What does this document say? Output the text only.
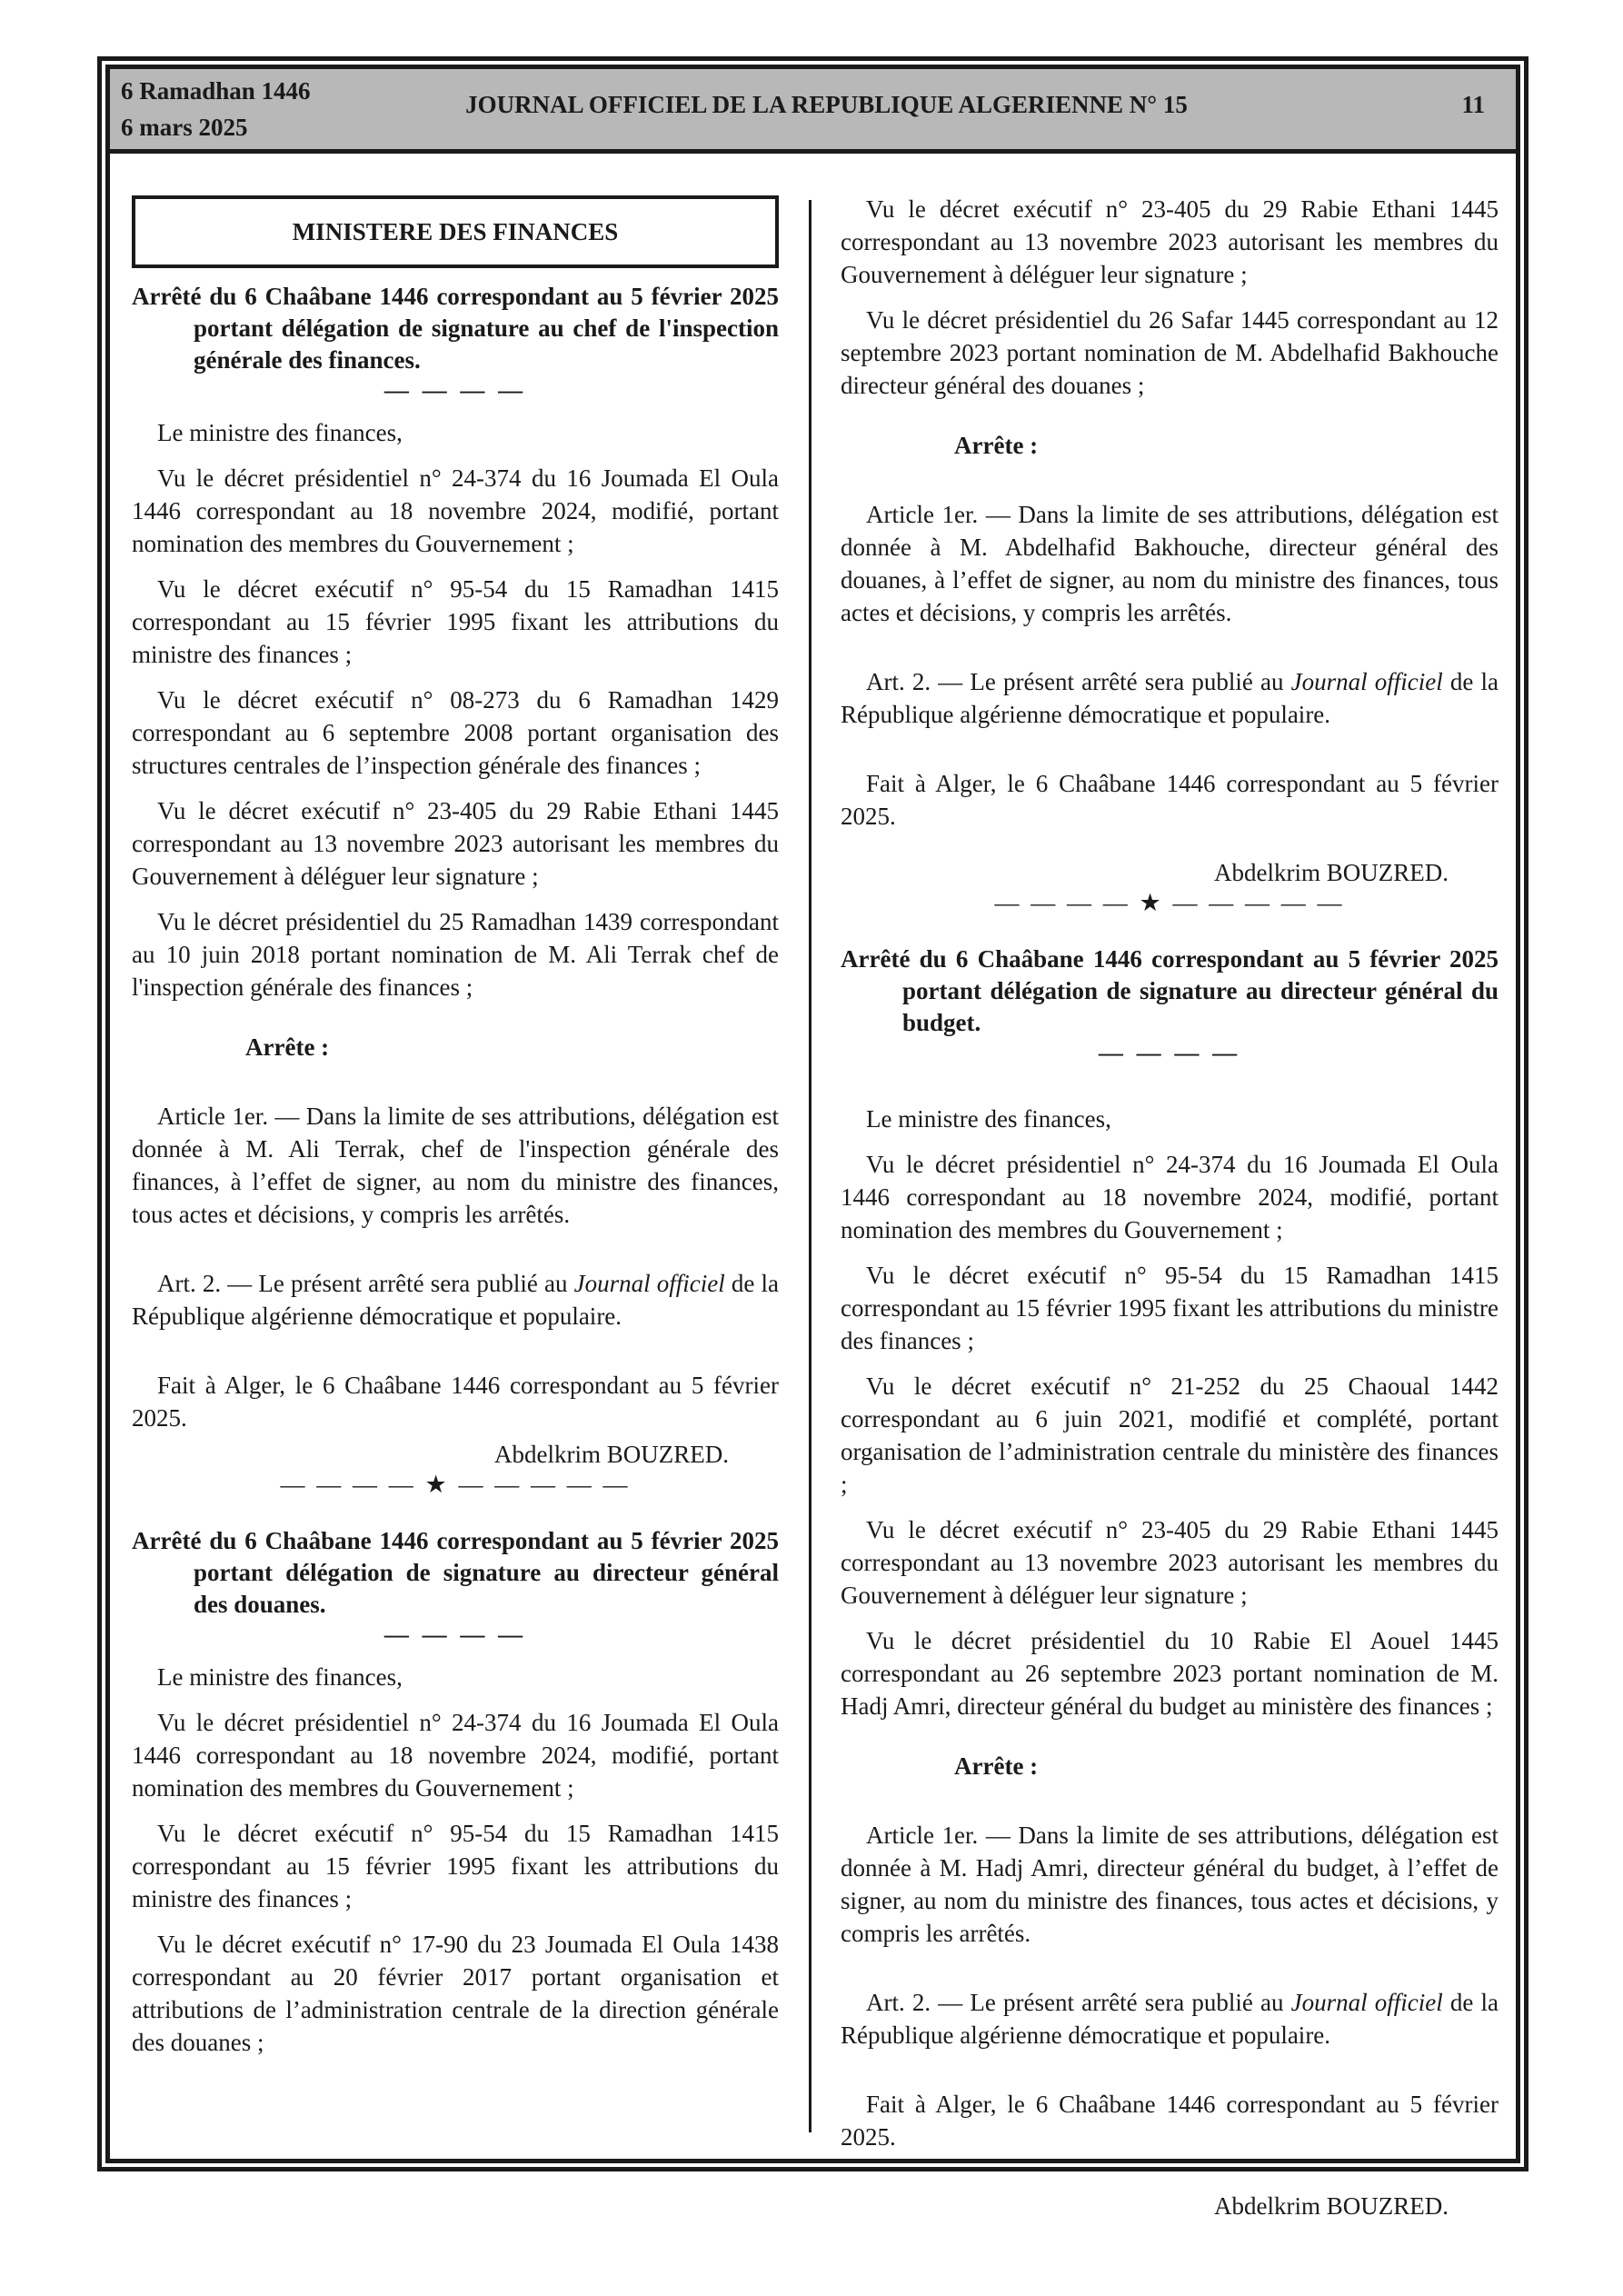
6 Ramadhan 1446
6 mars 2025
JOURNAL OFFICIEL DE LA REPUBLIQUE ALGERIENNE N° 15	11
MINISTERE DES FINANCES
Arrêté du 6 Chaâbane 1446 correspondant au 5 février 2025 portant délégation de signature au chef de l'inspection générale des finances.
— — — —

Le ministre des finances,

Vu le décret présidentiel n° 24-374 du 16 Joumada El Oula 1446 correspondant au 18 novembre 2024, modifié, portant nomination des membres du Gouvernement ;

Vu le décret exécutif n° 95-54 du 15 Ramadhan 1415 correspondant au 15 février 1995 fixant les attributions du ministre des finances ;

Vu le décret exécutif n° 08-273 du 6 Ramadhan 1429 correspondant au 6 septembre 2008 portant organisation des structures centrales de l’inspection générale des finances ;

Vu le décret exécutif n° 23-405 du 29 Rabie Ethani 1445 correspondant au 13 novembre 2023 autorisant les membres du Gouvernement à déléguer leur signature ;

Vu le décret présidentiel du 25 Ramadhan 1439 correspondant au 10 juin 2018 portant nomination de M. Ali Terrak chef de l'inspection générale des finances ;

Arrête :

Article 1er. — Dans la limite de ses attributions, délégation est donnée à M. Ali Terrak, chef de l'inspection générale des finances, à l’effet de signer, au nom du ministre des finances, tous actes et décisions, y compris les arrêtés.

Art. 2. — Le présent arrêté sera publié au Journal officiel de la République algérienne démocratique et populaire.

Fait à Alger, le 6 Chaâbane 1446 correspondant au 5 février 2025.

Abdelkrim BOUZRED.
— — — — ★ — — — — —
Arrêté du 6 Chaâbane 1446 correspondant au 5 février 2025 portant délégation de signature au directeur général des douanes.
— — — —

Le ministre des finances,

Vu le décret présidentiel n° 24-374 du 16 Joumada El Oula 1446 correspondant au 18 novembre 2024, modifié, portant nomination des membres du Gouvernement ;

Vu le décret exécutif n° 95-54 du 15 Ramadhan 1415 correspondant au 15 février 1995 fixant les attributions du ministre des finances ;

Vu le décret exécutif n° 17-90 du 23 Joumada El Oula 1438 correspondant au 20 février 2017 portant organisation et attributions de l’administration centrale de la direction générale des douanes ;

Vu le décret exécutif n° 23-405 du 29 Rabie Ethani 1445 correspondant au 13 novembre 2023 autorisant les membres du Gouvernement à déléguer leur signature ;

Vu le décret présidentiel du 26 Safar 1445 correspondant au 12 septembre 2023 portant nomination de M. Abdelhafid Bakhouche directeur général des douanes ;

Arrête :

Article 1er. — Dans la limite de ses attributions, délégation est donnée à M. Abdelhafid Bakhouche, directeur général des douanes, à l’effet de signer, au nom du ministre des finances, tous actes et décisions, y compris les arrêtés.

Art. 2. — Le présent arrêté sera publié au Journal officiel de la République algérienne démocratique et populaire.

Fait à Alger, le 6 Chaâbane 1446 correspondant au 5 février 2025.

Abdelkrim BOUZRED.
— — — — ★ — — — — —
Arrêté du 6 Chaâbane 1446 correspondant au 5 février 2025 portant délégation de signature au directeur général du budget.
— — — —

Le ministre des finances,

Vu le décret présidentiel n° 24-374 du 16 Joumada El Oula 1446 correspondant au 18 novembre 2024, modifié, portant nomination des membres du Gouvernement ;

Vu le décret exécutif n° 95-54 du 15 Ramadhan 1415 correspondant au 15 février 1995 fixant les attributions du ministre des finances ;

Vu le décret exécutif n° 21-252 du 25 Chaoual 1442 correspondant au 6 juin 2021, modifié et complété, portant organisation de l’administration centrale du ministère des finances ;

Vu le décret exécutif n° 23-405 du 29 Rabie Ethani 1445 correspondant au 13 novembre 2023 autorisant les membres du Gouvernement à déléguer leur signature ;

Vu le décret présidentiel du 10 Rabie El Aouel 1445 correspondant au 26 septembre 2023 portant nomination de M. Hadj Amri, directeur général du budget au ministère des finances ;

Arrête :

Article 1er. — Dans la limite de ses attributions, délégation est donnée à M. Hadj Amri, directeur général du budget, à l’effet de signer, au nom du ministre des finances, tous actes et décisions, y compris les arrêtés.

Art. 2. — Le présent arrêté sera publié au Journal officiel de la République algérienne démocratique et populaire.

Fait à Alger, le 6 Chaâbane 1446 correspondant au 5 février 2025.

Abdelkrim BOUZRED.
